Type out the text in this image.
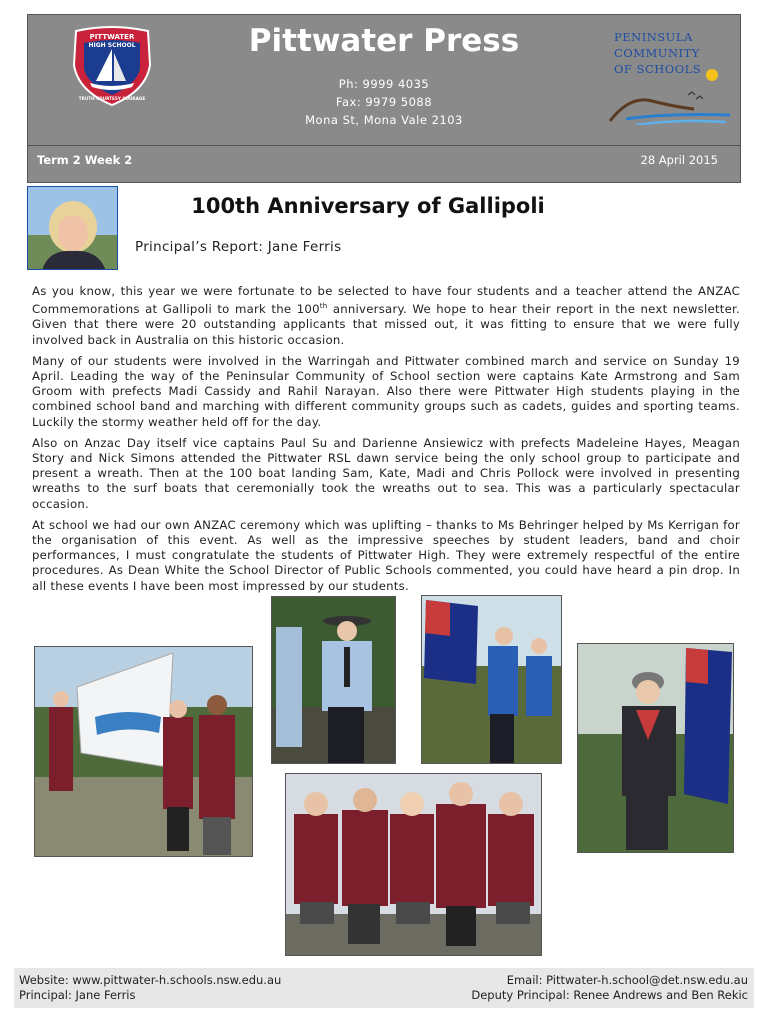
PITTWATER
HIGH SCHOOL
TRUTH COURTESY COURAGE
Pittwater Press
Ph: 9999 4035
Fax: 9979 5088
Mona St, Mona Vale 2103
PENINSULA
COMMUNITY
OF SCHOOLS
Term 2 Week 2	28 April 2015
100th Anniversary of Gallipoli
Principal’s Report: Jane Ferris

As you know, this year we were fortunate to be selected to have four students and a teacher attend the ANZAC Commemorations at Gallipoli to mark the 100th anniversary. We hope to hear their report in the next newsletter. Given that there were 20 outstanding applicants that missed out, it was fitting to ensure that we were fully involved back in Australia on this historic occasion.

Many of our students were involved in the Warringah and Pittwater combined march and service on Sunday 19 April. Leading the way of the Peninsular Community of School section were captains Kate Armstrong and Sam Groom with prefects Madi Cassidy and Rahil Narayan. Also there were Pittwater High students playing in the combined school band and marching with different community groups such as cadets, guides and sporting teams. Luckily the stormy weather held off for the day.

Also on Anzac Day itself vice captains Paul Su and Darienne Ansiewicz with prefects Madeleine Hayes, Meagan Story and Nick Simons attended the Pittwater RSL dawn service being the only school group to participate and present a wreath. Then at the 100 boat landing Sam, Kate, Madi and Chris Pollock were involved in presenting wreaths to the surf boats that ceremonially took the wreaths out to sea. This was a particularly spectacular occasion.

At school we had our own ANZAC ceremony which was uplifting – thanks to Ms Behringer helped by Ms Kerrigan for the organisation of this event. As well as the impressive speeches by student leaders, band and choir performances, I must congratulate the students of Pittwater High. They were extremely respectful of the entire procedures. As Dean White the School Director of Public Schools commented, you could have heard a pin drop. In all these events I have been most impressed by our students.

Website: www.pittwater-h.schools.nsw.edu.au
Principal: Jane Ferris
Email: Pittwater-h.school@det.nsw.edu.au
Deputy Principal: Renee Andrews and Ben Rekic
